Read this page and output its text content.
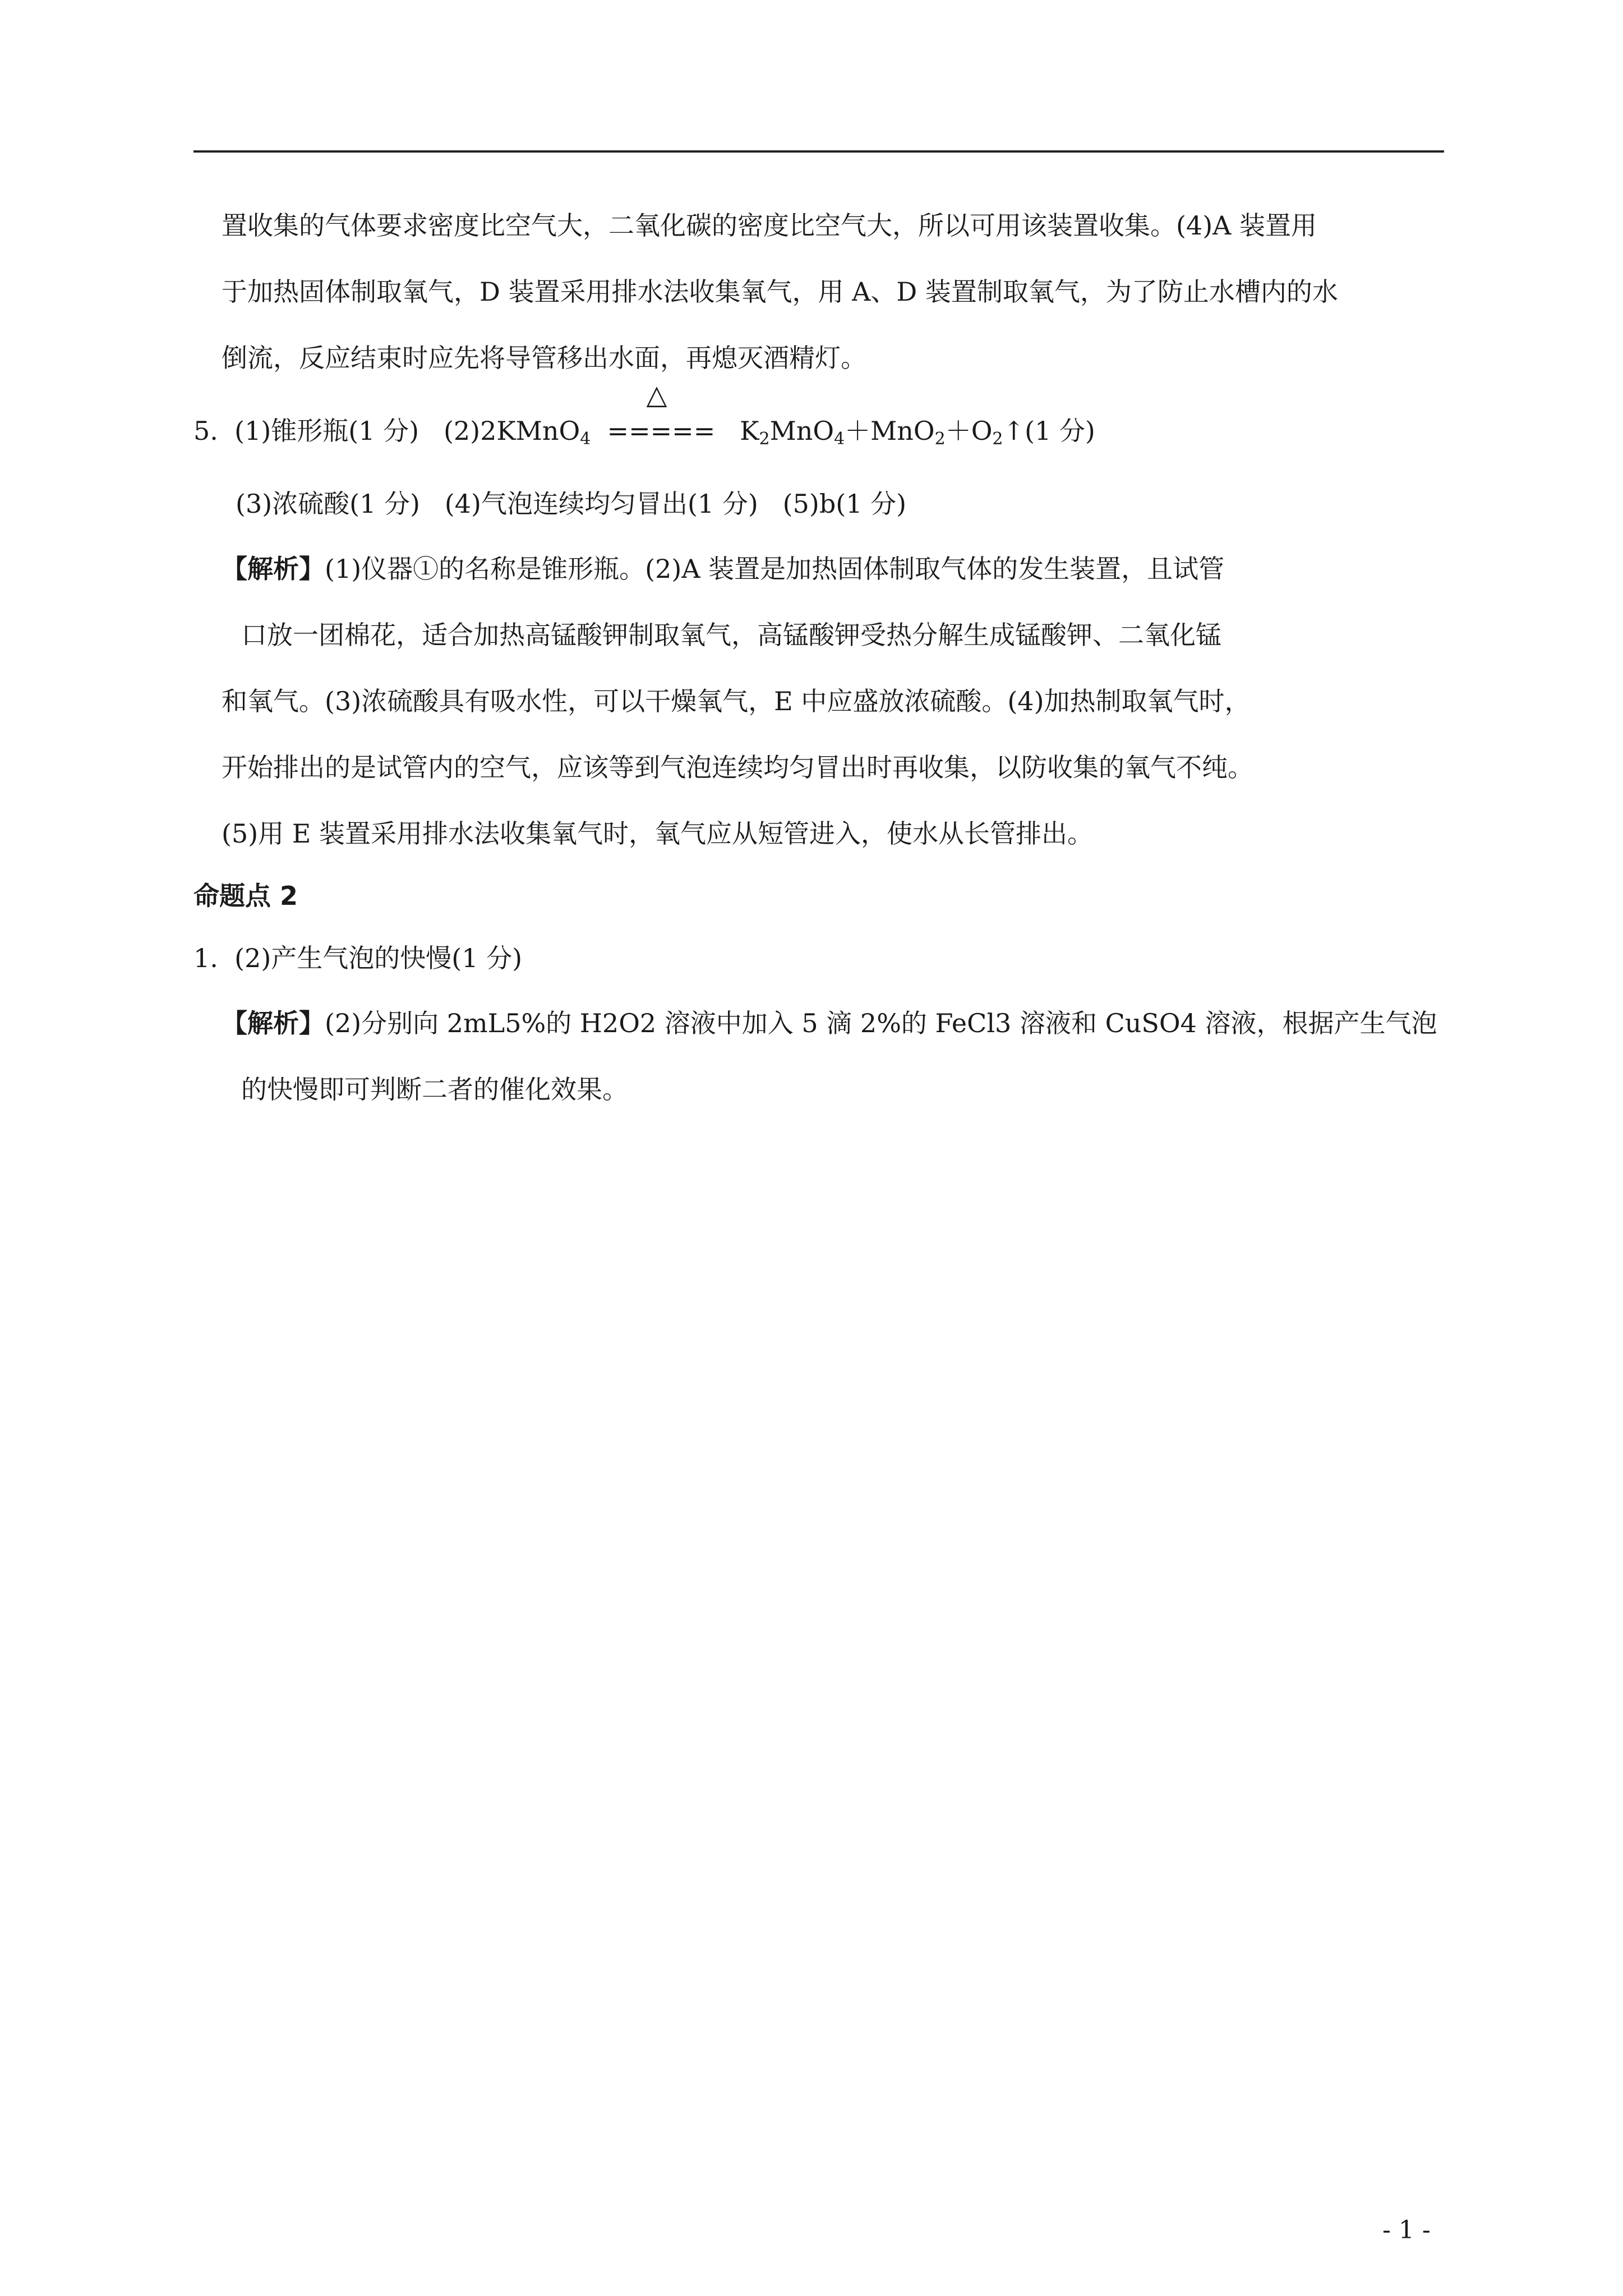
置收集的气体要求密度比空气大，二氧化碳的密度比空气大，所以可用该装置收集。(4)A 装置用
于加热固体制取氧气，D 装置采用排水法收集氧气，用 A、D 装置制取氧气，为了防止水槽内的水
倒流，反应结束时应先将导管移出水面，再熄灭酒精灯。
5. (1)锥形瓶(1 分) (2)2KMnO$_4$
△
===== $K_2MnO_4+MnO_2+O_2↑(1$ 分)
(3)浓硫酸(1 分) (4)气泡连续均匀冒出(1 分) (5)b(1 分)
【解析】(1)仪器①的名称是锥形瓶。(2)A 装置是加热固体制取气体的发生装置，且试管
口放一团棉花，适合加热高锰酸钾制取氧气，高锰酸钾受热分解生成锰酸钾、二氧化锰
和氧气。(3)浓硫酸具有吸水性，可以干燥氧气，E 中应盛放浓硫酸。(4)加热制取氧气时，
开始排出的是试管内的空气，应该等到气泡连续均匀冒出时再收集，以防收集的氧气不纯。
(5)用 E 装置采用排水法收集氧气时，氧气应从短管进入，使水从长管排出。
命题点 2
1. (2)产生气泡的快慢(1 分)
【解析】(2)分别向 2mL5%的 H2O2 溶液中加入 5 滴 2%的 FeCl3 溶液和 CuSO4 溶液，根据产生气泡
的快慢即可判断二者的催化效果。
- 1 -
